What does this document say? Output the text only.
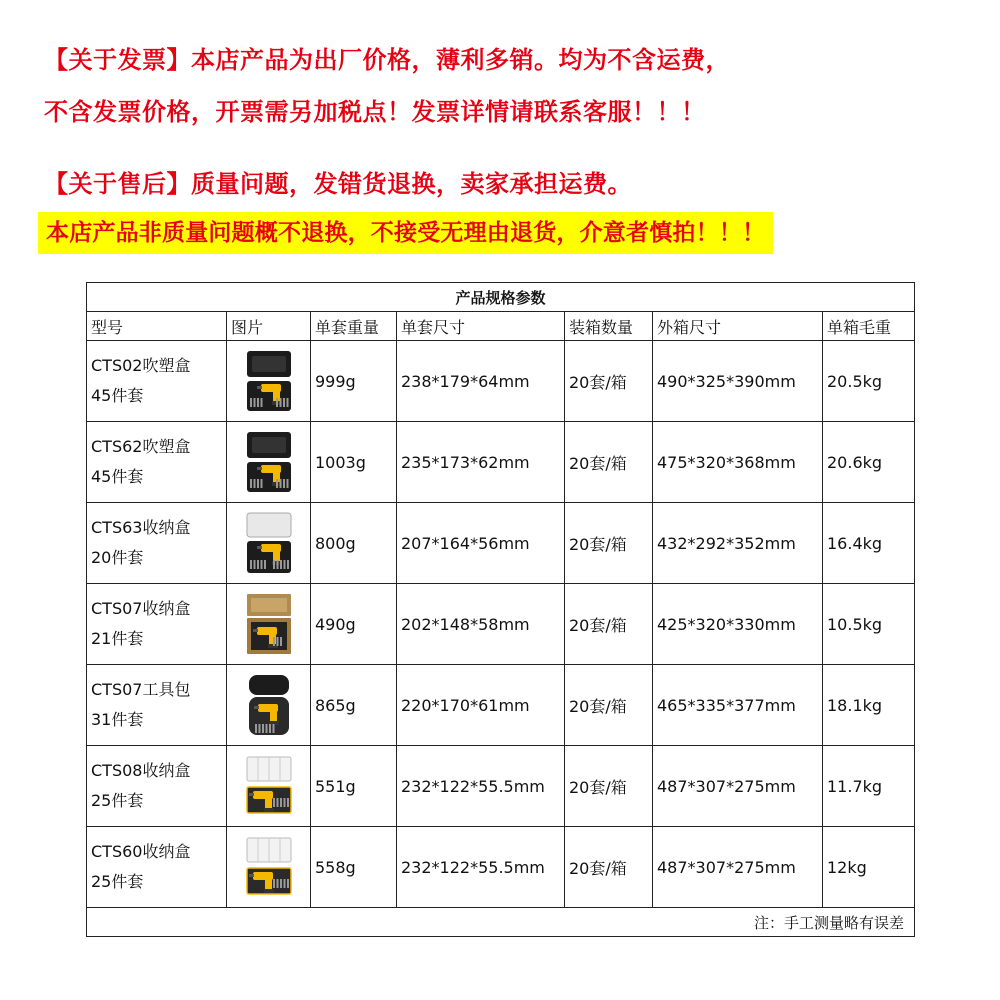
【关于发票】本店产品为出厂价格，薄利多销。均为不含运费，
不含发票价格，开票需另加税点！发票详情请联系客服！！！
【关于售后】质量问题，发错货退换，卖家承担运费。
本店产品非质量问题概不退换，不接受无理由退货，介意者慎拍！！！
产品规格参数						
型号	图片	单套重量	单套尺寸	装箱数量	外箱尺寸	单箱毛重

CTS02吹塑盒
45件套		999g	238*179*64mm	20套/箱	490*325*390mm	20.5kg

CTS62吹塑盒
45件套		1003g	235*173*62mm	20套/箱	475*320*368mm	20.6kg

CTS63收纳盒
20件套		800g	207*164*56mm	20套/箱	432*292*352mm	16.4kg

CTS07收纳盒
21件套		490g	202*148*58mm	20套/箱	425*320*330mm	10.5kg

CTS07工具包
31件套		865g	220*170*61mm	20套/箱	465*335*377mm	18.1kg

CTS08收纳盒
25件套		551g	232*122*55.5mm	20套/箱	487*307*275mm	11.7kg

CTS60收纳盒
25件套		558g	232*122*55.5mm	20套/箱	487*307*275mm	12kg
注：手工测量略有误差						
